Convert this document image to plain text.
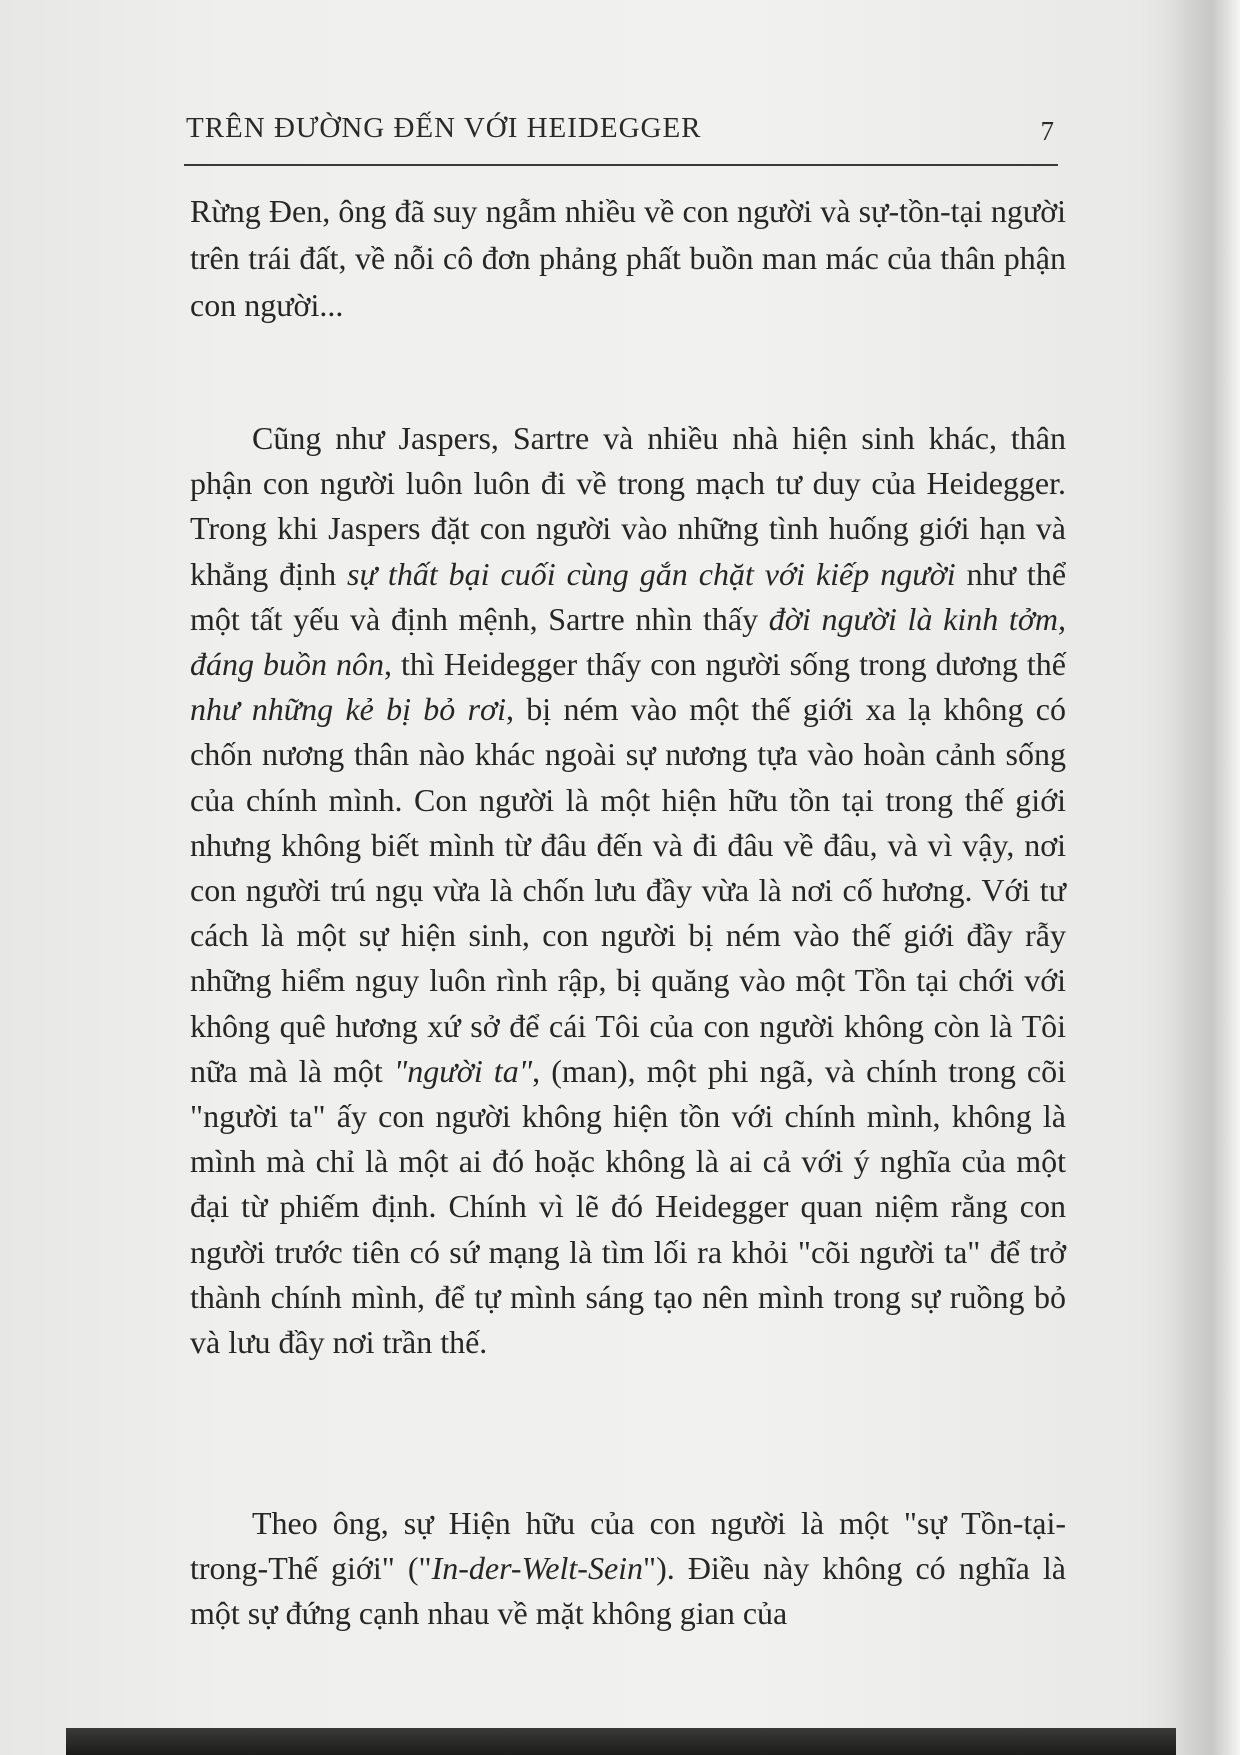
TRÊN ĐƯỜNG ĐẾN VỚI HEIDEGGER	7

Rừng Đen, ông đã suy ngẫm nhiều về con người và sự-tồn-tại người trên trái đất, về nỗi cô đơn phảng phất buồn man mác của thân phận con người...

Cũng như Jaspers, Sartre và nhiều nhà hiện sinh khác, thân phận con người luôn luôn đi về trong mạch tư duy của Heidegger. Trong khi Jaspers đặt con người vào những tình huống giới hạn và khẳng định sự thất bại cuối cùng gắn chặt với kiếp người như thể một tất yếu và định mệnh, Sartre nhìn thấy đời người là kinh tởm, đáng buồn nôn, thì Heidegger thấy con người sống trong dương thế như những kẻ bị bỏ rơi, bị ném vào một thế giới xa lạ không có chốn nương thân nào khác ngoài sự nương tựa vào hoàn cảnh sống của chính mình. Con người là một hiện hữu tồn tại trong thế giới nhưng không biết mình từ đâu đến và đi đâu về đâu, và vì vậy, nơi con người trú ngụ vừa là chốn lưu đầy vừa là nơi cố hương. Với tư cách là một sự hiện sinh, con người bị ném vào thế giới đầy rẫy những hiểm nguy luôn rình rập, bị quăng vào một Tồn tại chới với không quê hương xứ sở để cái Tôi của con người không còn là Tôi nữa mà là một "người ta", (man), một phi ngã, và chính trong cõi "người ta" ấy con người không hiện tồn với chính mình, không là mình mà chỉ là một ai đó hoặc không là ai cả với ý nghĩa của một đại từ phiếm định. Chính vì lẽ đó Heidegger quan niệm rằng con người trước tiên có sứ mạng là tìm lối ra khỏi "cõi người ta" để trở thành chính mình, để tự mình sáng tạo nên mình trong sự ruồng bỏ và lưu đầy nơi trần thế.

Theo ông, sự Hiện hữu của con người là một "sự Tồn-tại-trong-Thế giới" ("In-der-Welt-Sein"). Điều này không có nghĩa là một sự đứng cạnh nhau về mặt không gian của
